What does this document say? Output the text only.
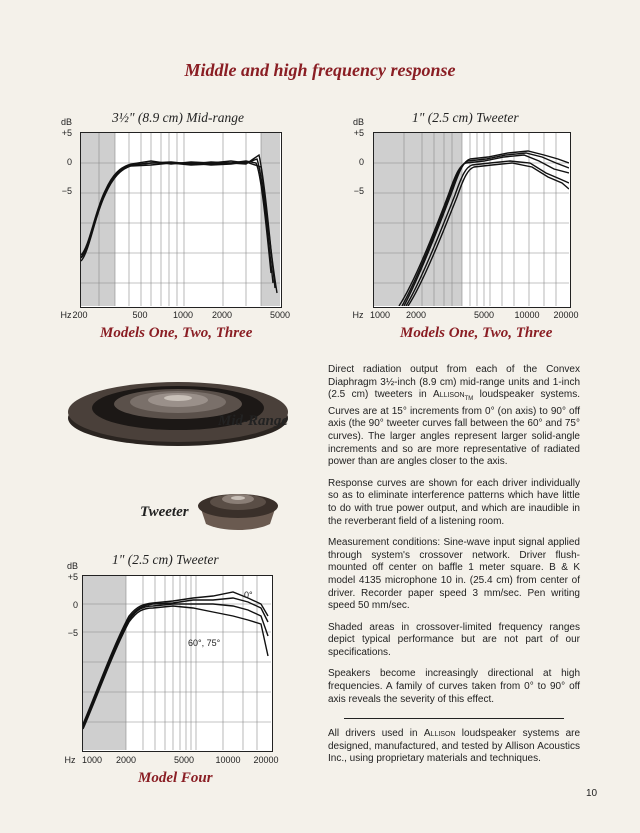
Middle and high frequency response
3½" (8.9 cm) Mid-range
dB
+5
0
−5
Hz 200	500	1000 2000	5000
Models One, Two, Three
1" (2.5 cm) Tweeter
dB
+5
0
−5
Hz 1000 2000	5000 10000 20000
Models One, Two, Three
Mid-Range
Tweeter
1" (2.5 cm) Tweeter
dB
+5
0
−5
0°
60°, 75°
Hz 1000 2000	5000 10000 20000
Model Four

Direct radiation output from each of the Convex Diaphragm 3½-inch (8.9 cm) mid-range units and 1-inch (2.5 cm) tweeters in Allison$_{TM}$ loudspeaker systems. Curves are at 15° increments from 0° (on axis) to 90° off axis (the 90° tweeter curves fall between the 60° and 75° curves). The larger angles represent larger solid-angle increments and so are more representative of radiated power than are angles closer to the axis.

Response curves are shown for each driver individually so as to eliminate interference patterns which have little to do with true power output, and which are inaudible in the reverberant field of a listening room.

Measurement conditions: Sine-wave input signal applied through system's crossover network. Driver flush-mounted off center on baffle 1 meter square. B & K model 4135 microphone 10 in. (25.4 cm) from center of driver. Recorder paper speed 3 mm/sec. Pen writing speed 50 mm/sec.

Shaded areas in crossover-limited frequency ranges depict typical performance but are not part of our specifications.

Speakers become increasingly directional at high frequencies. A family of curves taken from 0° to 90° off axis reveals the severity of this effect.

All drivers used in Allison loudspeaker systems are designed, manufactured, and tested by Allison Acoustics Inc., using proprietary materials and techniques.

10
